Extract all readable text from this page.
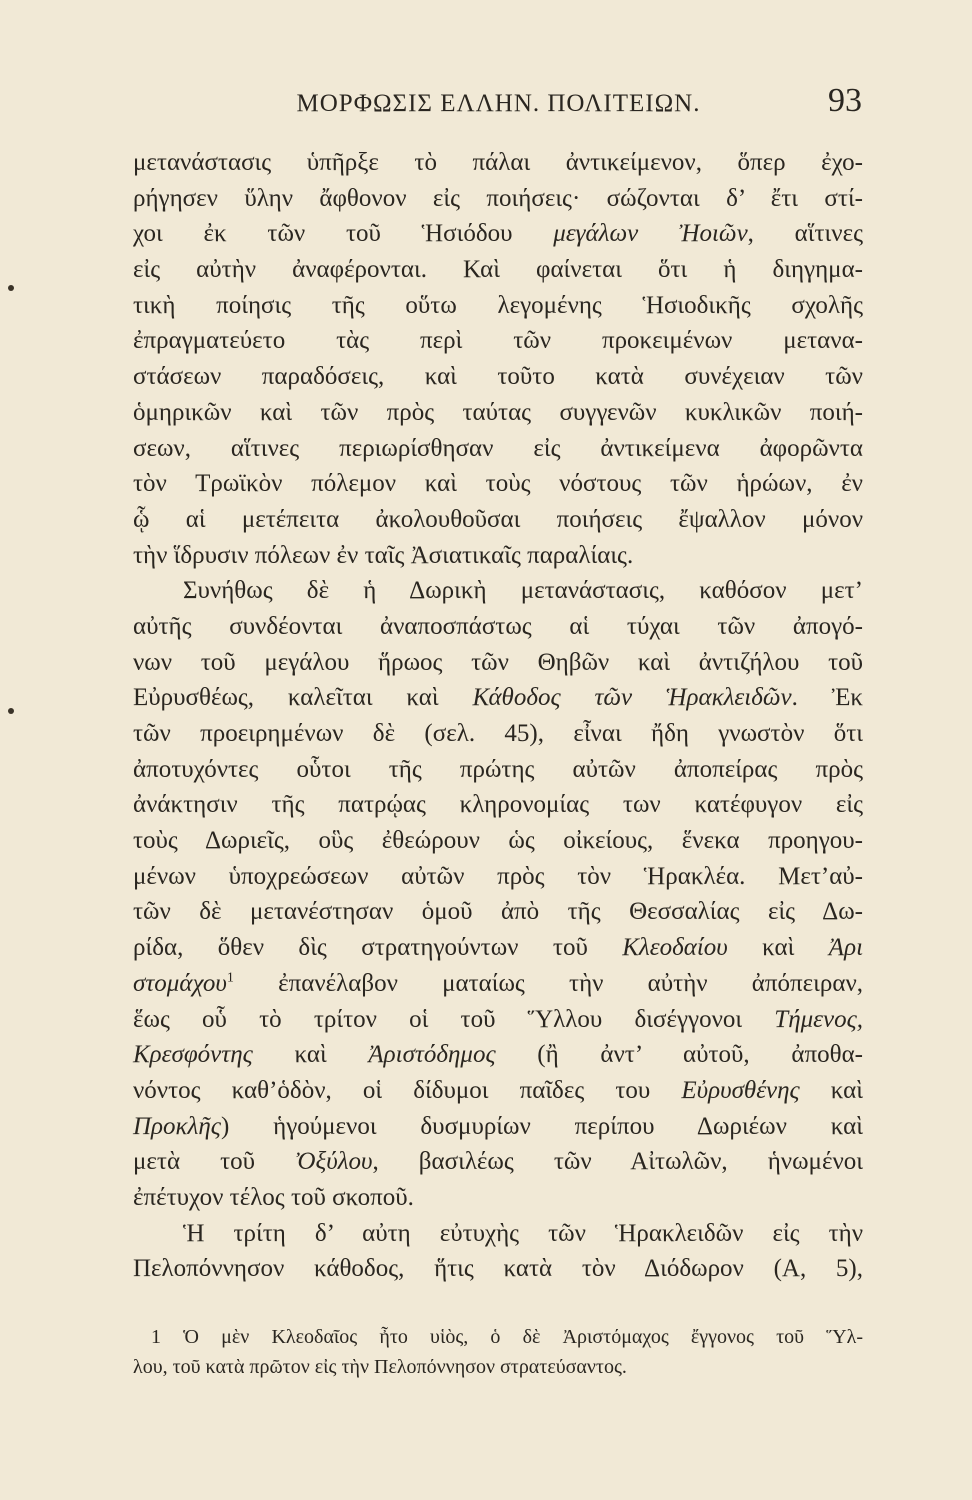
ΜΟΡΦΩΣΙΣ ΕΛΛΗΝ. ΠΟΛΙΤΕΙΩΝ.	93
μετανάστασις ὑπῆρξε τὸ πάλαι ἀντικείμενον, ὅπερ ἐχο-
ρήγησεν ὕλην ἄφθονον εἰς ποιήσεις· σώζονται δ’ ἔτι στί-
χοι ἐκ τῶν τοῦ Ἡσιόδου μεγάλων Ἠοιῶν, αἵτινες
εἰς αὐτὴν ἀναφέρονται. Καὶ φαίνεται ὅτι ἡ διηγημα-
τικὴ ποίησις τῆς οὕτω λεγομένης Ἡσιοδικῆς σχολῆς
ἐπραγματεύετο τὰς περὶ τῶν προκειμένων μετανα-
στάσεων παραδόσεις, καὶ τοῦτο κατὰ συνέχειαν τῶν
ὁμηρικῶν καὶ τῶν πρὸς ταύτας συγγενῶν κυκλικῶν ποιή-
σεων, αἵτινες περιωρίσθησαν εἰς ἀντικείμενα ἀφορῶντα
τὸν Τρωϊκὸν πόλεμον καὶ τοὺς νόστους τῶν ἡρώων, ἐν
ᾧ αἱ μετέπειτα ἀκολουθοῦσαι ποιήσεις ἔψαλλον μόνον
τὴν ἵδρυσιν πόλεων ἐν ταῖς Ἀσιατικαῖς παραλίαις.
Συνήθως δὲ ἡ Δωρικὴ μετανάστασις, καθόσον μετ’
αὐτῆς συνδέονται ἀναποσπάστως αἱ τύχαι τῶν ἀπογό-
νων τοῦ μεγάλου ἥρωος τῶν Θηβῶν καὶ ἀντιζήλου τοῦ
Εὐρυσθέως, καλεῖται καὶ Κάθοδος τῶν Ἡρακλειδῶν. Ἐκ
τῶν προειρημένων δὲ (σελ. 45), εἶναι ἤδη γνωστὸν ὅτι
ἀποτυχόντες οὗτοι τῆς πρώτης αὐτῶν ἀποπείρας πρὸς
ἀνάκτησιν τῆς πατρῴας κληρονομίας των κατέφυγον εἰς
τοὺς Δωριεῖς, οὓς ἐθεώρουν ὡς οἰκείους, ἕνεκα προηγου-
μένων ὑποχρεώσεων αὐτῶν πρὸς τὸν Ἡρακλέα. Μετ’αὐ-
τῶν δὲ μετανέστησαν ὁμοῦ ἀπὸ τῆς Θεσσαλίας εἰς Δω-
ρίδα, ὅθεν δὶς στρατηγούντων τοῦ Κλεοδαίου καὶ Ἀρι
στομάχου$^1$ ἐπανέλαβον ματαίως τὴν αὐτὴν ἀπόπειραν,
ἕως οὗ τὸ τρίτον οἱ τοῦ Ὕλλου δισέγγονοι Τήμενος,
Κρεσφόντης καὶ Ἀριστόδημος (ἢ ἀντ’ αὐτοῦ, ἀποθα-
νόντος καθ’ὁδὸν, οἱ δίδυμοι παῖδες του Εὐρυσθένης καὶ
Προκλῆς) ἡγούμενοι δυσμυρίων περίπου Δωριέων καὶ
μετὰ τοῦ Ὀξύλου, βασιλέως τῶν Αἰτωλῶν, ἡνωμένοι
ἐπέτυχον τέλος τοῦ σκοποῦ.
Ἡ τρίτη δ’ αὐτη εὐτυχὴς τῶν Ἡρακλειδῶν εἰς τὴν
Πελοπόννησον κάθοδος, ἥτις κατὰ τὸν Διόδωρον (Α, 5),
1 Ὁ μὲν Κλεοδαῖος ἦτο υἱὸς, ὁ δὲ Ἀριστόμαχος ἔγγονος τοῦ Ὕλ-
λου, τοῦ κατὰ πρῶτον εἰς τὴν Πελοπόννησον στρατεύσαντος.
